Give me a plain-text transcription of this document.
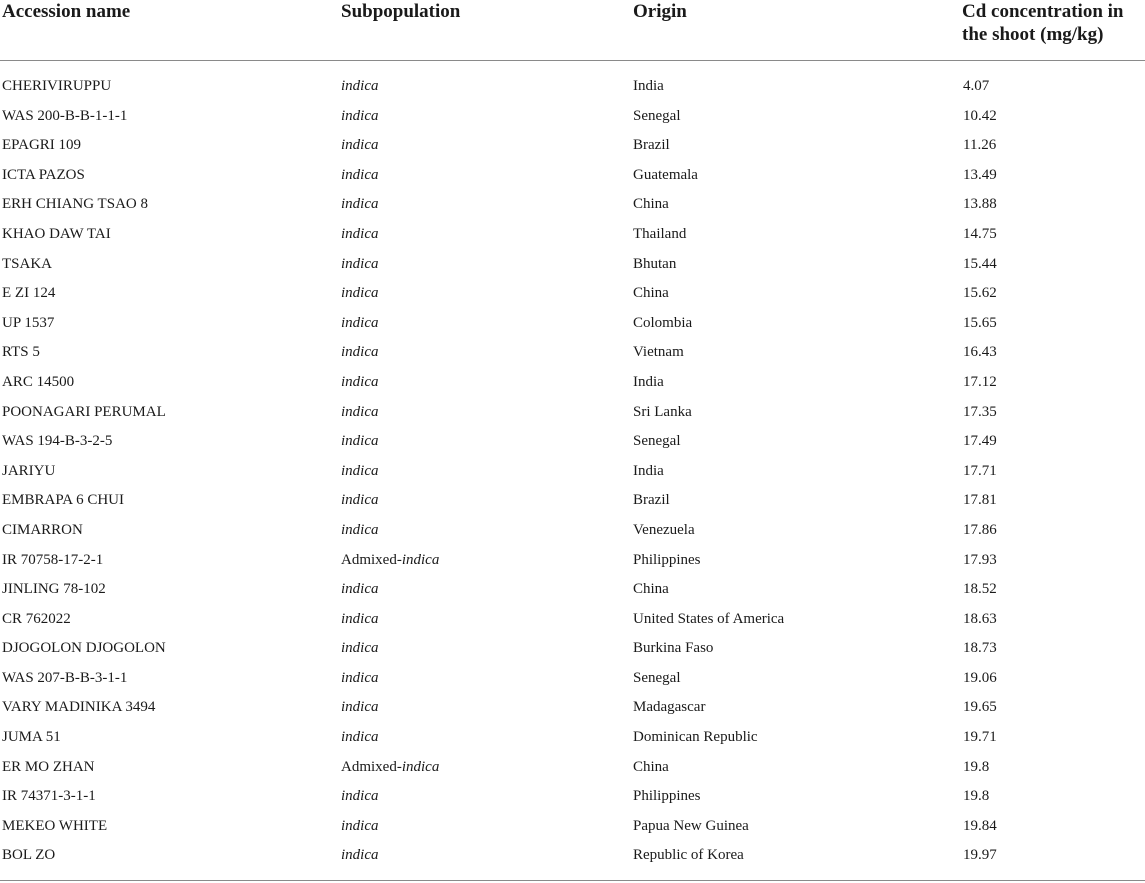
Accession name	Subpopulation	Origin	Cd concentration in
the shoot (mg/kg)
CHERIVIRUPPU	indica	India	4.07
WAS 200-B-B-1-1-1	indica	Senegal	10.42
EPAGRI 109	indica	Brazil	11.26
ICTA PAZOS	indica	Guatemala	13.49
ERH CHIANG TSAO 8	indica	China	13.88
KHAO DAW TAI	indica	Thailand	14.75
TSAKA	indica	Bhutan	15.44
E ZI 124	indica	China	15.62
UP 1537	indica	Colombia	15.65
RTS 5	indica	Vietnam	16.43
ARC 14500	indica	India	17.12
POONAGARI PERUMAL	indica	Sri Lanka	17.35
WAS 194-B-3-2-5	indica	Senegal	17.49
JARIYU	indica	India	17.71
EMBRAPA 6 CHUI	indica	Brazil	17.81
CIMARRON	indica	Venezuela	17.86
IR 70758-17-2-1	Admixed-indica	Philippines	17.93
JINLING 78-102	indica	China	18.52
CR 762022	indica	United States of America	18.63
DJOGOLON DJOGOLON	indica	Burkina Faso	18.73
WAS 207-B-B-3-1-1	indica	Senegal	19.06
VARY MADINIKA 3494	indica	Madagascar	19.65
JUMA 51	indica	Dominican Republic	19.71
ER MO ZHAN	Admixed-indica	China	19.8
IR 74371-3-1-1	indica	Philippines	19.8
MEKEO WHITE	indica	Papua New Guinea	19.84
BOL ZO	indica	Republic of Korea	19.97
